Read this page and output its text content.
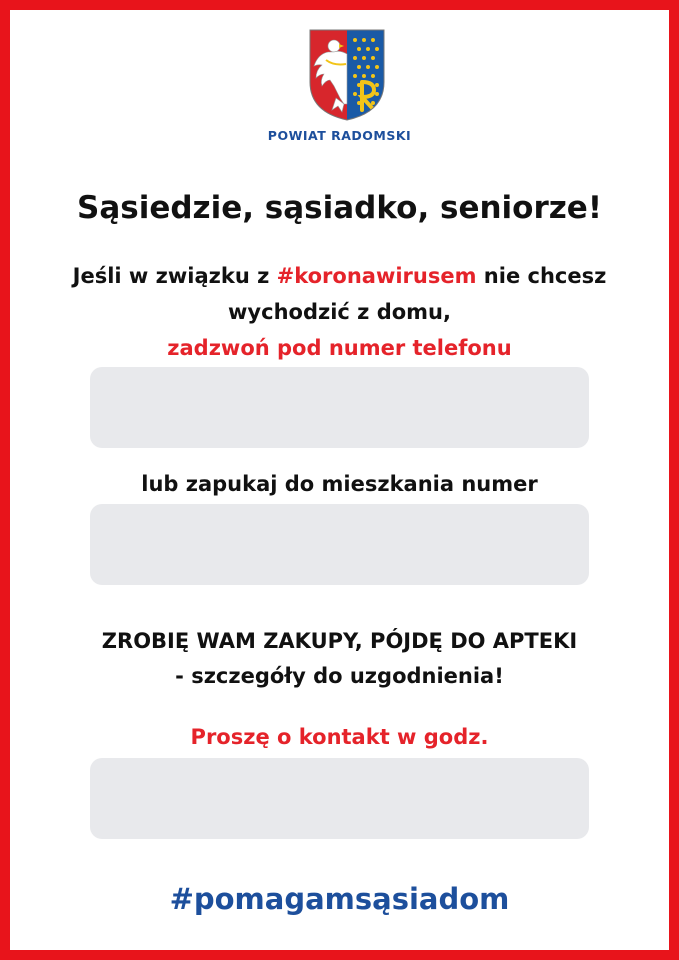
POWIAT RADOMSKI
Sąsiedzie, sąsiadko, seniorze!
Jeśli w związku z #koronawirusem nie chcesz
wychodzić z domu,
zadzwoń pod numer telefonu
lub zapukaj do mieszkania numer
ZROBIĘ WAM ZAKUPY, PÓJDĘ DO APTEKI
- szczegóły do uzgodnienia!
Proszę o kontakt w godz.
#pomagamsąsiadom
